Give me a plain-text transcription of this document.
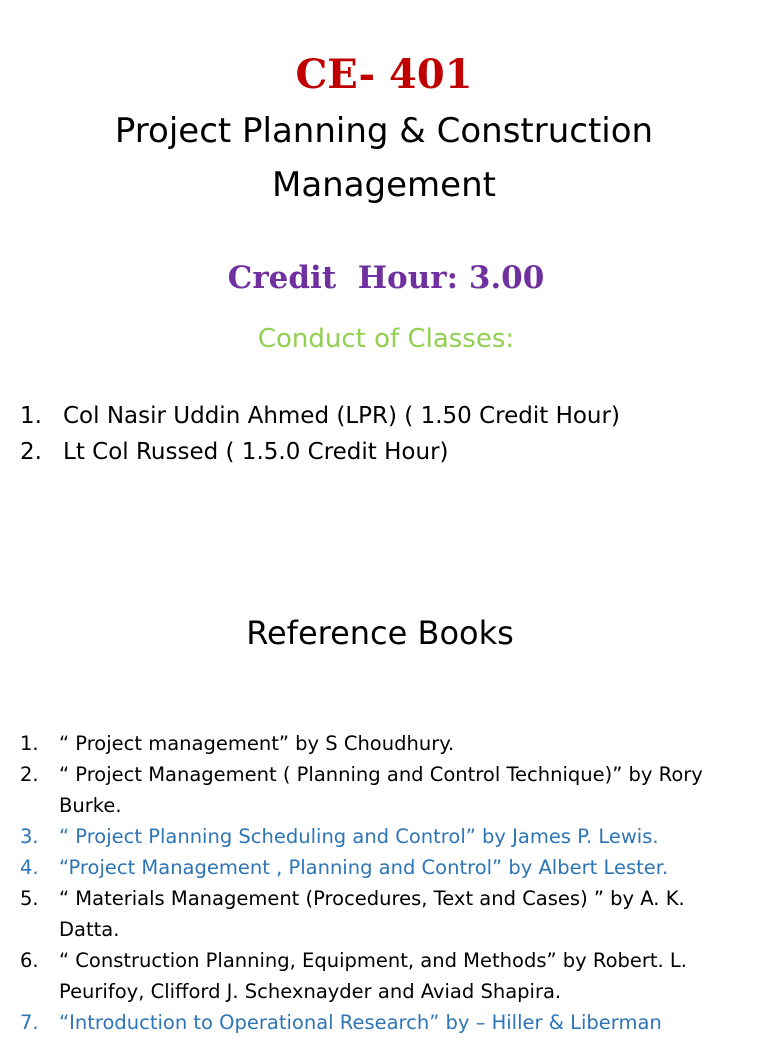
CE- 401
Project Planning & Construction
Management
Credit  Hour: 3.00
Conduct of Classes:
1. Col Nasir Uddin Ahmed (LPR) ( 1.50 Credit Hour)
2. Lt Col Russed ( 1.5.0 Credit Hour)
Reference Books
1. “ Project management” by S Choudhury.
2. “ Project Management ( Planning and Control Technique)” by Rory Burke.
3. “ Project Planning Scheduling and Control” by James P. Lewis.
4. “Project Management , Planning and Control” by Albert Lester.
5. “ Materials Management (Procedures, Text and Cases) ” by A. K. Datta.
6. “ Construction Planning, Equipment, and Methods” by Robert. L. Peurifoy, Clifford J. Schexnayder and Aviad Shapira.
7. “Introduction to Operational Research” by – Hiller & Liberman
